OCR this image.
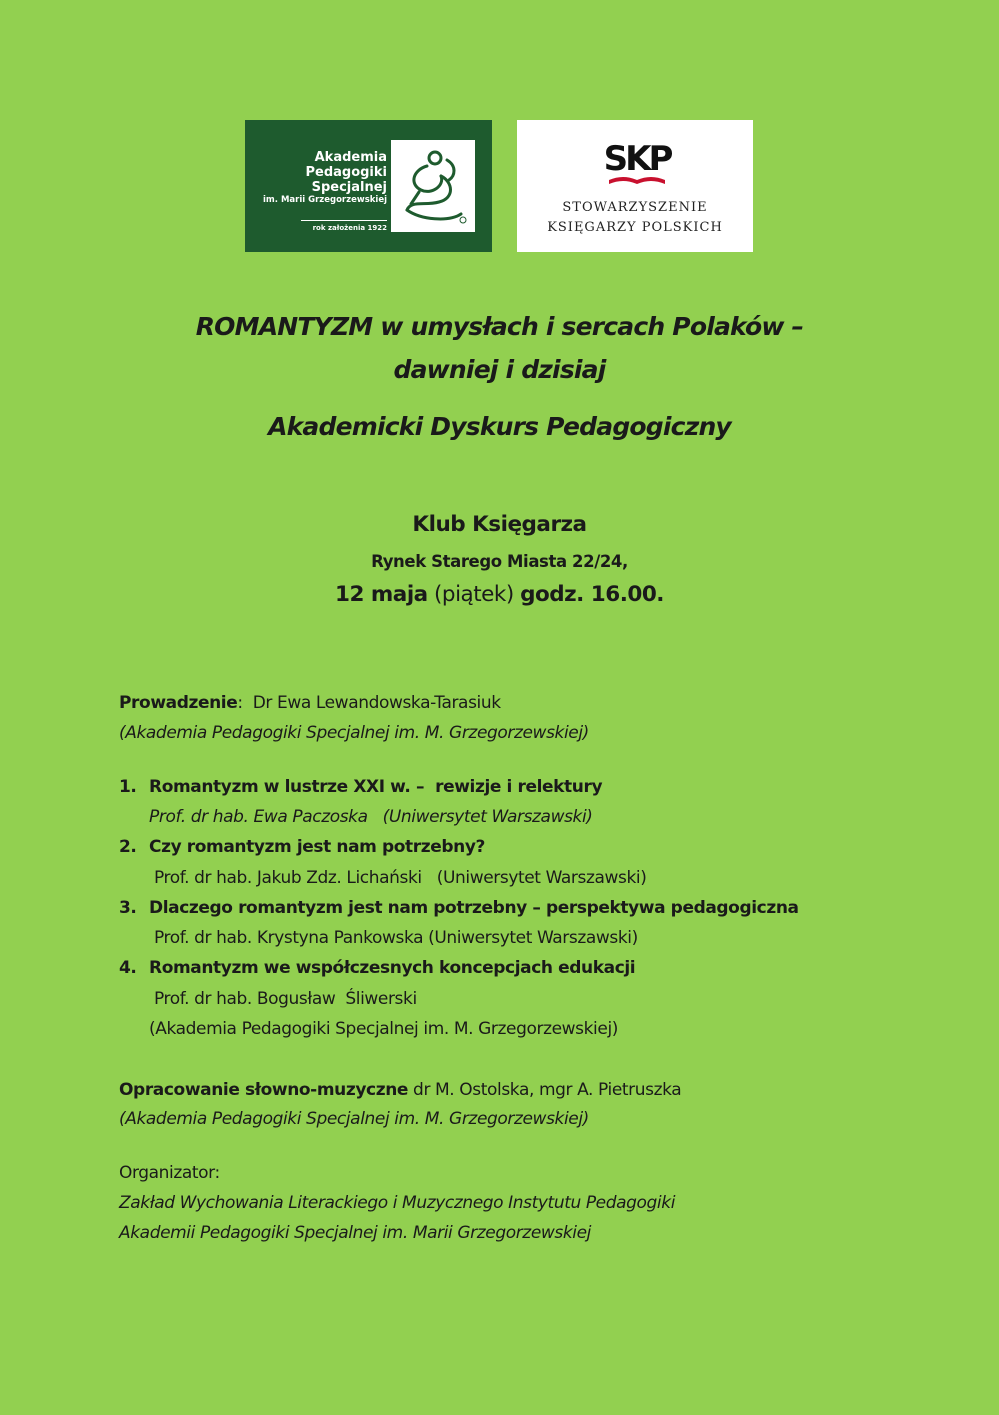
Akademia
Pedagogiki
Specjalnej
im. Marii Grzegorzewskiej
rok założenia 1922
SKP
STOWARZYSZENIE
KSIĘGARZY POLSKICH
ROMANTYZM w umysłach i sercach Polaków –
dawniej i dzisiaj
Akademicki Dyskurs Pedagogiczny
Klub Księgarza
Rynek Starego Miasta 22/24,
12 maja (piątek) godz. 16.00.
Prowadzenie:  Dr Ewa Lewandowska-Tarasiuk
(Akademia Pedagogiki Specjalnej im. M. Grzegorzewskiej)
1. Romantyzm w lustrze XXI w. –  rewizje i relektury
Prof. dr hab. Ewa Paczoska   (Uniwersytet Warszawski)
2. Czy romantyzm jest nam potrzebny?
Prof. dr hab. Jakub Zdz. Lichański   (Uniwersytet Warszawski)
3. Dlaczego romantyzm jest nam potrzebny – perspektywa pedagogiczna
Prof. dr hab. Krystyna Pankowska (Uniwersytet Warszawski)
4. Romantyzm we współczesnych koncepcjach edukacji
Prof. dr hab. Bogusław  Śliwerski
(Akademia Pedagogiki Specjalnej im. M. Grzegorzewskiej)
Opracowanie słowno-muzyczne dr M. Ostolska, mgr A. Pietruszka
(Akademia Pedagogiki Specjalnej im. M. Grzegorzewskiej)
Organizator:
Zakład Wychowania Literackiego i Muzycznego Instytutu Pedagogiki
Akademii Pedagogiki Specjalnej im. Marii Grzegorzewskiej
